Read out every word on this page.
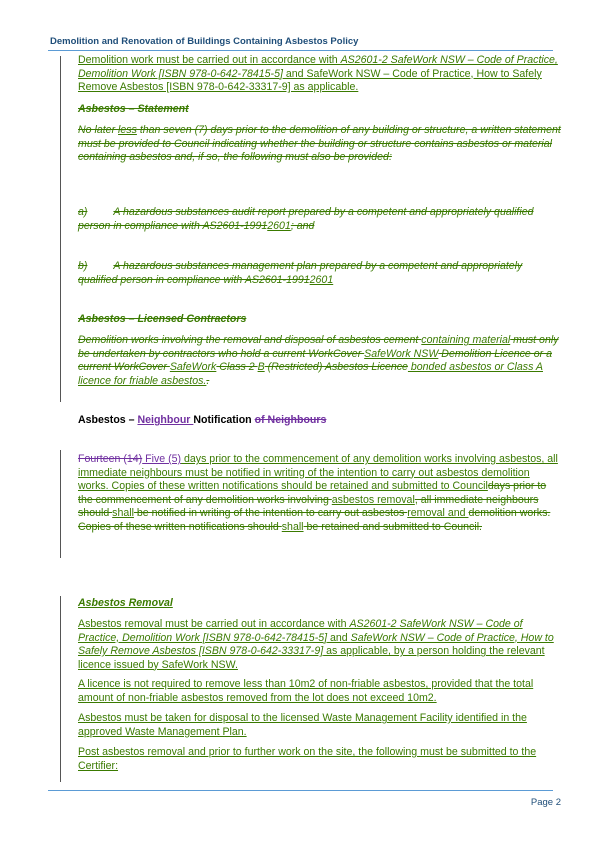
Demolition and Renovation of Buildings Containing Asbestos Policy
Demolition work must be carried out in accordance with AS2601-2 SafeWork NSW – Code of Practice, Demolition Work [ISBN 978-0-642-78415-5] and SafeWork NSW – Code of Practice, How to Safely Remove Asbestos [ISBN 978-0-642-33317-9] as applicable.
Asbestos – Statement
No later less than seven (7) days prior to the demolition of any building or structure, a written statement must be provided to Council indicating whether the building or structure contains asbestos or material containing asbestos and, if so, the following must also be provided:
a) A hazardous substances audit report prepared by a competent and appropriately qualified person in compliance with AS2601-19912601; and
b) A hazardous substances management plan prepared by a competent and appropriately qualified person in compliance with AS2601-19912601
Asbestos – Licensed Contractors
Demolition works involving the removal and disposal of asbestos cement containing material must only be undertaken by contractors who hold a current WorkCover SafeWork NSW Demolition Licence or a current WorkCover SafeWork Class 2 B (Restricted) Asbestos Licence bonded asbestos or Class A licence for friable asbestos..
Asbestos – Neighbour Notification of Neighbours
Fourteen (14) Five (5) days prior to the commencement of any demolition works involving asbestos, all immediate neighbours must be notified in writing of the intention to carry out asbestos demolition works. Copies of these written notifications should be retained and submitted to Councildays prior to the commencement of any demolition works involving asbestos removal, all immediate neighbours should shall be notified in writing of the intention to carry out asbestos removal and demolition works. Copies of these written notifications should shall be retained and submitted to Council.
Asbestos Removal
Asbestos removal must be carried out in accordance with AS2601-2 SafeWork NSW – Code of Practice, Demolition Work [ISBN 978-0-642-78415-5] and SafeWork NSW – Code of Practice, How to Safely Remove Asbestos [ISBN 978-0-642-33317-9] as applicable, by a person holding the relevant licence issued by SafeWork NSW.
A licence is not required to remove less than 10m2 of non-friable asbestos, provided that the total amount of non-friable asbestos removed from the lot does not exceed 10m2.
Asbestos must be taken for disposal to the licensed Waste Management Facility identified in the approved Waste Management Plan.
Post asbestos removal and prior to further work on the site, the following must be submitted to the Certifier:
Page 2
